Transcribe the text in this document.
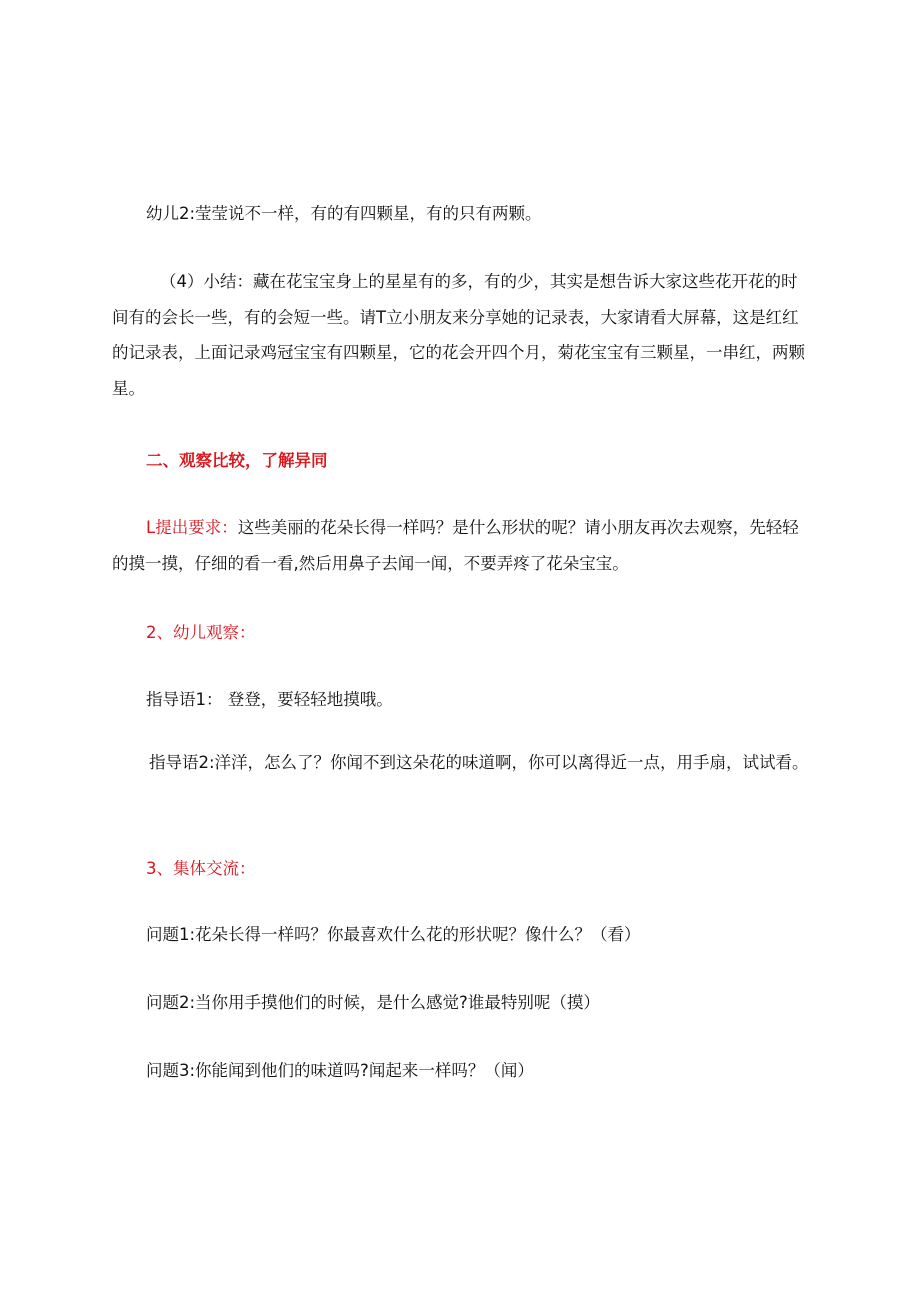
幼儿2:莹莹说不一样，有的有四颗星，有的只有两颗。

（4）小结：藏在花宝宝身上的星星有的多，有的少，其实是想告诉大家这些花开花的时间有的会长一些，有的会短一些。请T立小朋友来分享她的记录表，大家请看大屏幕，这是红红的记录表，上面记录鸡冠宝宝有四颗星，它的花会开四个月，菊花宝宝有三颗星，一串红，两颗星。

二、观察比较，了解异同

L提出要求：这些美丽的花朵长得一样吗？是什么形状的呢？请小朋友再次去观察，先轻轻的摸一摸，仔细的看一看,然后用鼻子去闻一闻，不要弄疼了花朵宝宝。

2、幼儿观察：

指导语1： 登登，要轻轻地摸哦。

指导语2:洋洋，怎么了？你闻不到这朵花的味道啊，你可以离得近一点，用手扇，试试看。

3、集体交流：

问题1:花朵长得一样吗？你最喜欢什么花的形状呢？像什么？（看）

问题2:当你用手摸他们的时候，是什么感觉?谁最特别呢（摸）

问题3:你能闻到他们的味道吗?闻起来一样吗？（闻）
